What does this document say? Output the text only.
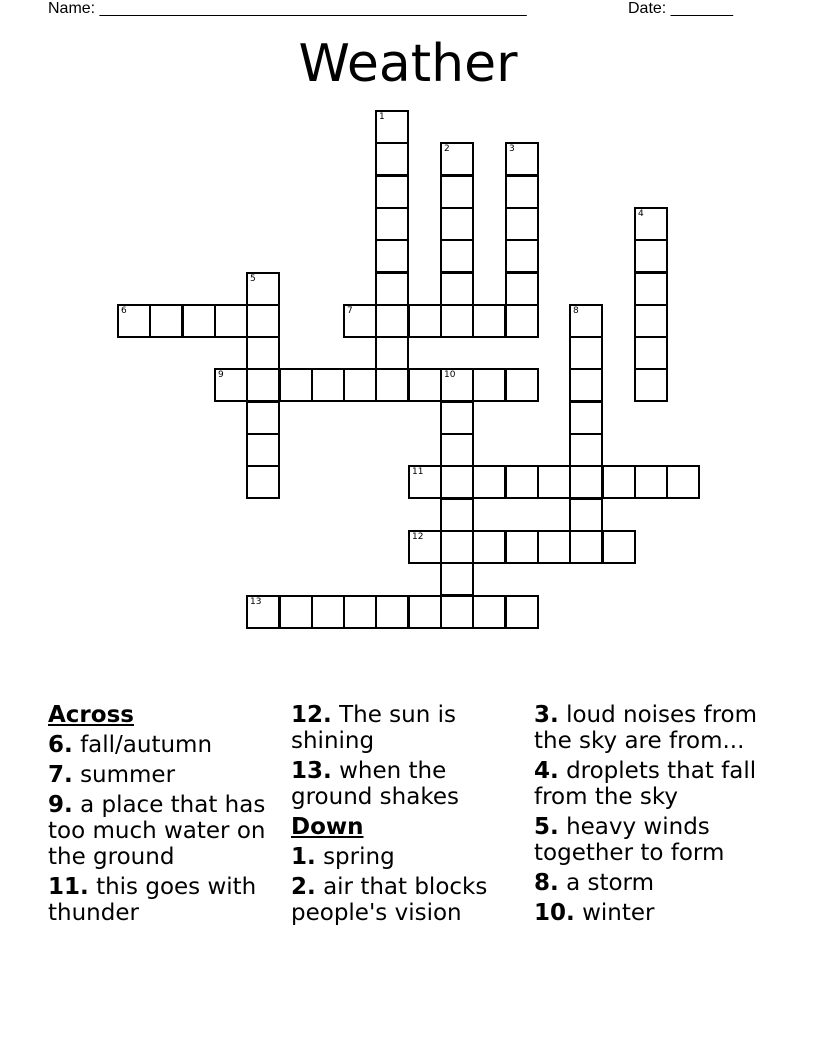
Name: ________________________________________________	Date: _______
Weather
1
2	3
4
5
6	7	8
9	10
11
12
13
Across

6. fall/autumn

7. summer

9. a place that has too much water on the ground

11. this goes with thunder

12. The sun is shining

13. when the ground shakes

Down

1. spring

2. air that blocks people's vision

3. loud noises from the sky are from...

4. droplets that fall from the sky

5. heavy winds together to form

8. a storm

10. winter
